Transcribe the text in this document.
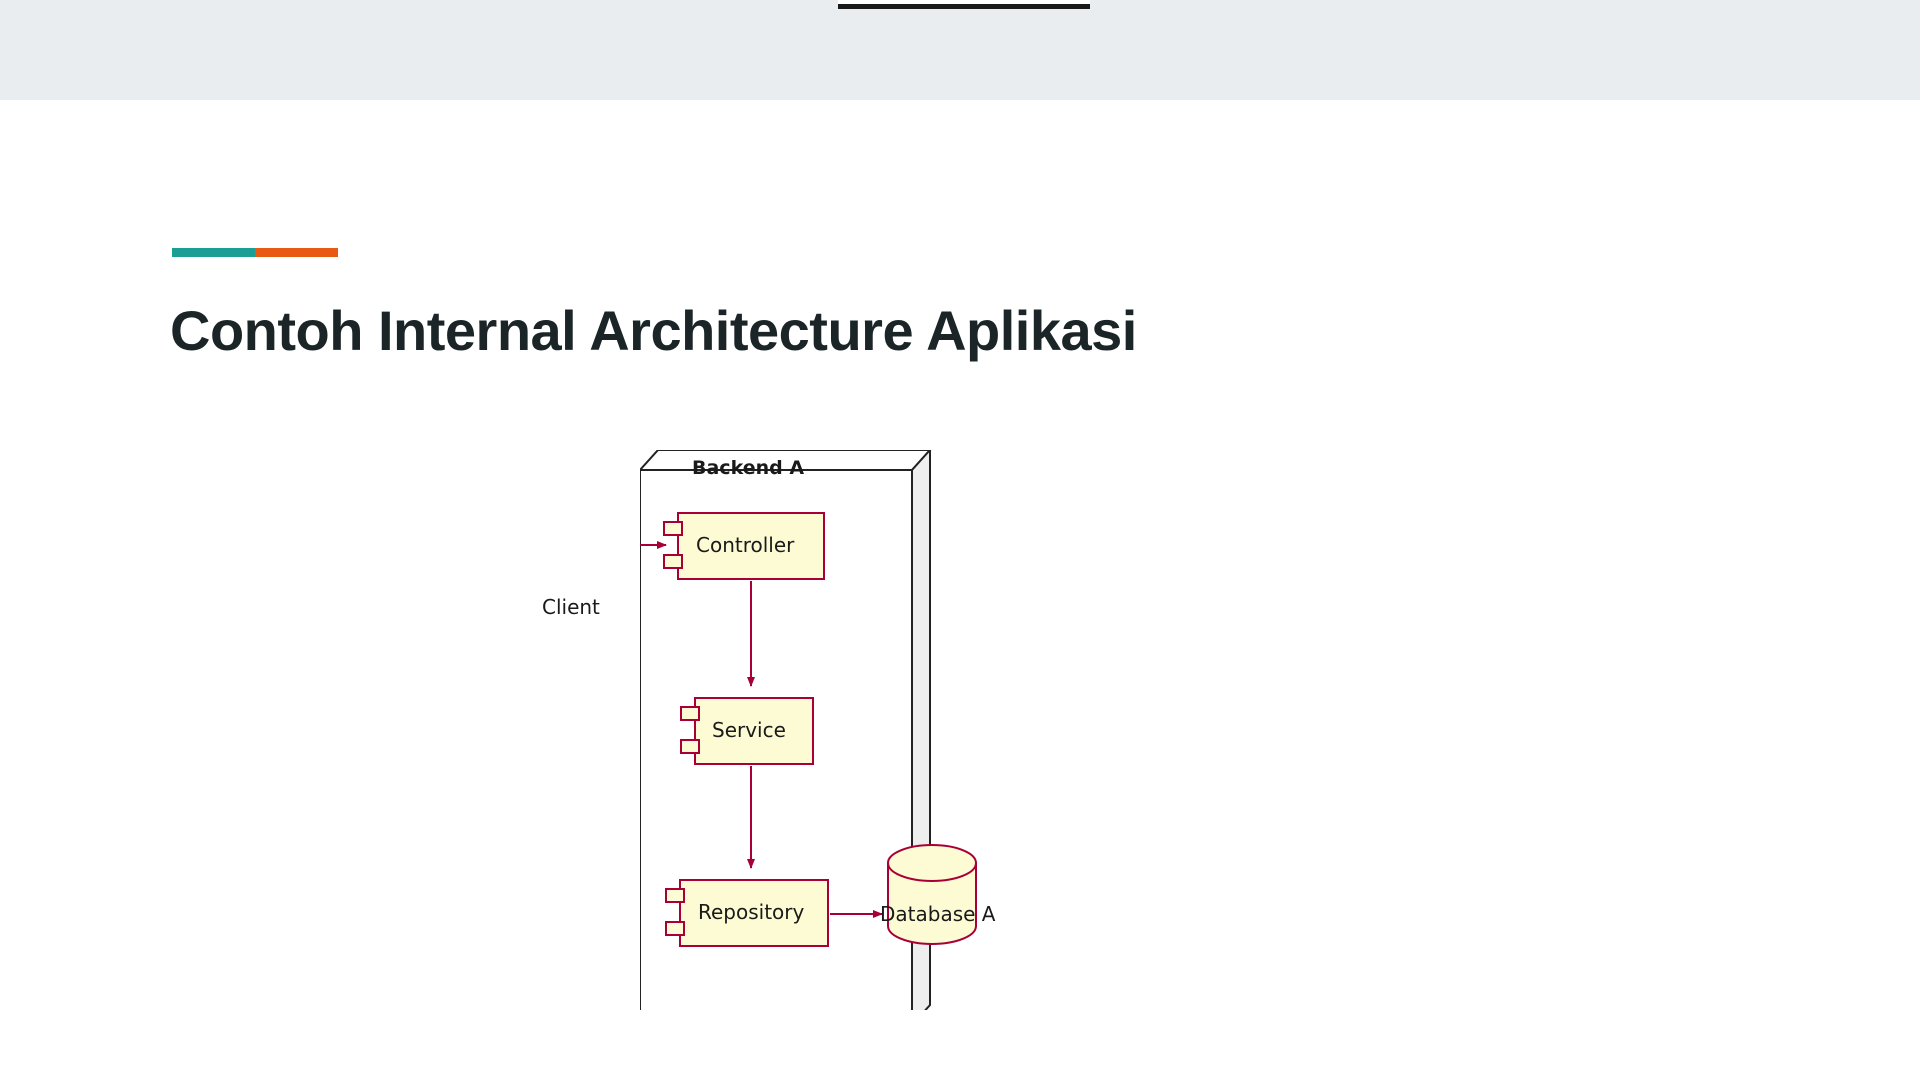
Contoh Internal Architecture Aplikasi
Backend A
Client
Controller
Service
Repository	Database A
